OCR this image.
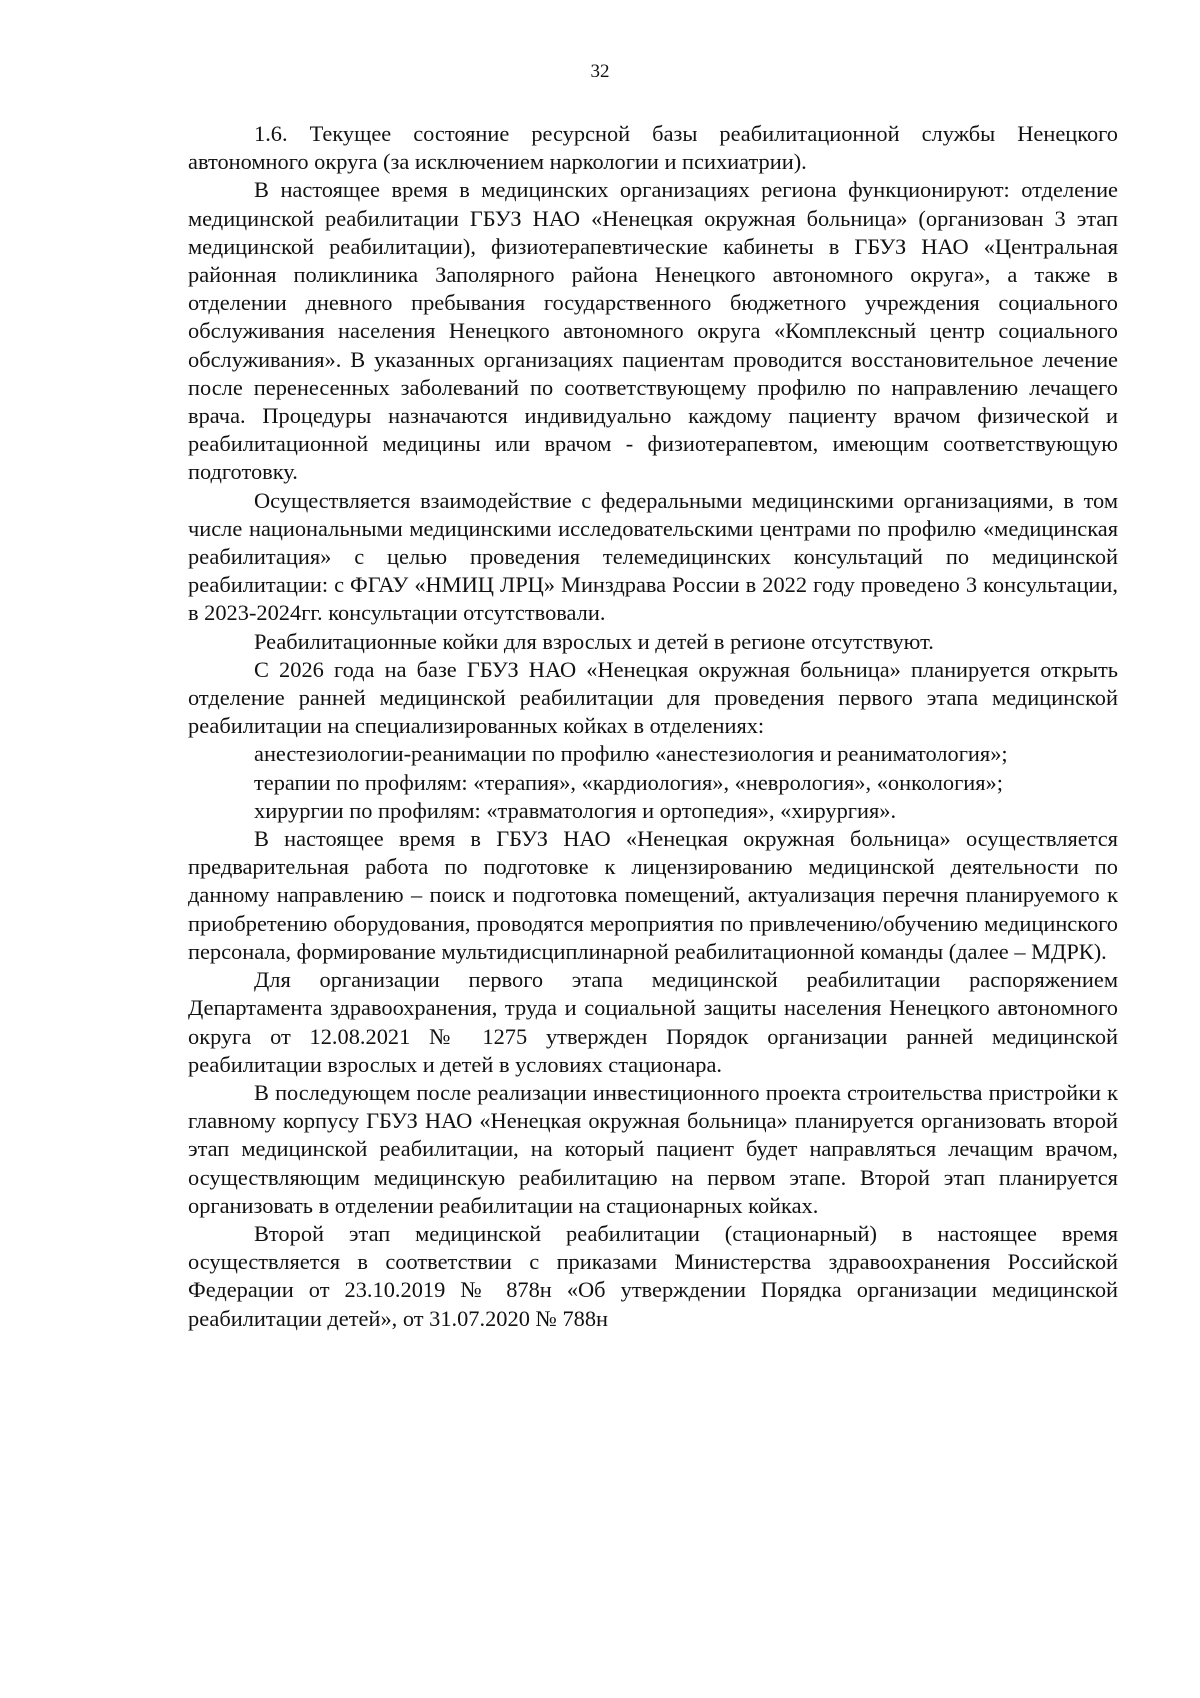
32

1.6. Текущее состояние ресурсной базы реабилитационной службы Ненецкого автономного округа (за исключением наркологии и психиатрии).

В настоящее время в медицинских организациях региона функционируют: отделение медицинской реабилитации ГБУЗ НАО «Ненецкая окружная больница» (организован 3 этап медицинской реабилитации), физиотерапевтические кабинеты в ГБУЗ НАО «Центральная районная поликлиника Заполярного района Ненецкого автономного округа», а также в отделении дневного пребывания государственного бюджетного учреждения социального обслуживания населения Ненецкого автономного округа «Комплексный центр социального обслуживания». В указанных организациях пациентам проводится восстановительное лечение после перенесенных заболеваний по соответствующему профилю по направлению лечащего врача. Процедуры назначаются индивидуально каждому пациенту врачом физической и реабилитационной медицины или врачом - физиотерапевтом, имеющим соответствующую подготовку.

Осуществляется взаимодействие с федеральными медицинскими организациями, в том числе национальными медицинскими исследовательскими центрами по профилю «медицинская реабилитация» с целью проведения телемедицинских консультаций по медицинской реабилитации: с ФГАУ «НМИЦ ЛРЦ» Минздрава России в 2022 году проведено 3 консультации, в 2023-2024гг. консультации отсутствовали.

Реабилитационные койки для взрослых и детей в регионе отсутствуют.

С 2026 года на базе ГБУЗ НАО «Ненецкая окружная больница» планируется открыть отделение ранней медицинской реабилитации для проведения первого этапа медицинской реабилитации на специализированных койках в отделениях:

анестезиологии-реанимации по профилю «анестезиология и реаниматология»;

терапии по профилям: «терапия», «кардиология», «неврология», «онкология»;

хирургии по профилям: «травматология и ортопедия», «хирургия».

В настоящее время в ГБУЗ НАО «Ненецкая окружная больница» осуществляется предварительная работа по подготовке к лицензированию медицинской деятельности по данному направлению – поиск и подготовка помещений, актуализация перечня планируемого к приобретению оборудования, проводятся мероприятия по привлечению/обучению медицинского персонала, формирование мультидисциплинарной реабилитационной команды (далее – МДРК).

Для организации первого этапа медицинской реабилитации распоряжением Департамента здравоохранения, труда и социальной защиты населения Ненецкого автономного округа от 12.08.2021 № 1275 утвержден Порядок организации ранней медицинской реабилитации взрослых и детей в условиях стационара.

В последующем после реализации инвестиционного проекта строительства пристройки к главному корпусу ГБУЗ НАО «Ненецкая окружная больница» планируется организовать второй этап медицинской реабилитации, на который пациент будет направляться лечащим врачом, осуществляющим медицинскую реабилитацию на первом этапе. Второй этап планируется организовать в отделении реабилитации на стационарных койках.

Второй этап медицинской реабилитации (стационарный) в настоящее время осуществляется в соответствии с приказами Министерства здравоохранения Российской Федерации от 23.10.2019 № 878н «Об утверждении Порядка организации медицинской реабилитации детей», от 31.07.2020 № 788н
